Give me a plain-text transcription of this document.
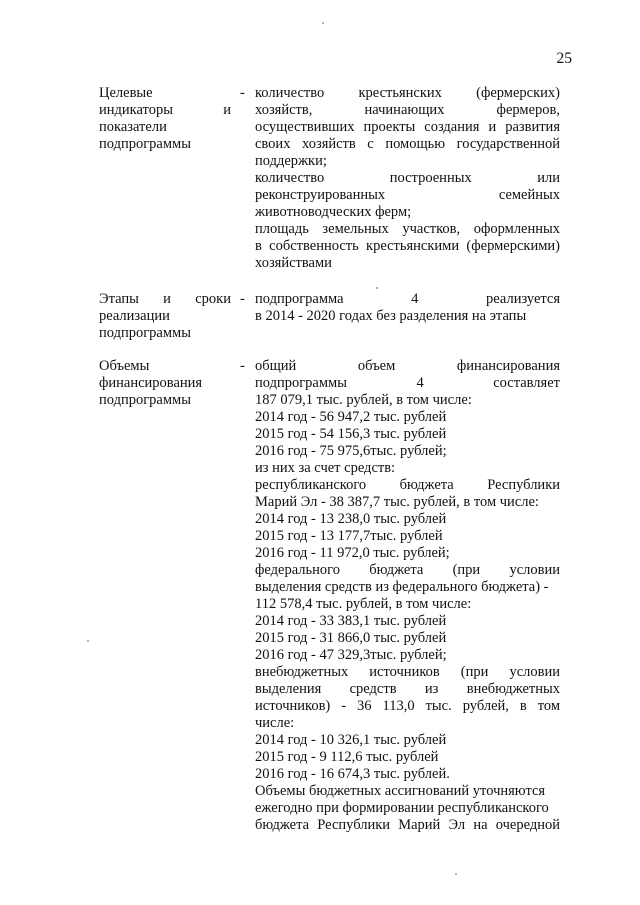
25
Целевые
индикаторы и
показатели
подпрограммы
- количество крестьянских (фермерских)
хозяйств, начинающих фермеров,
осуществивших проекты создания и развития
своих хозяйств с помощью государственной
поддержки;
количество построенных или
реконструированных семейных
животноводческих ферм;
площадь земельных участков, оформленных
в собственность крестьянскими (фермерскими)
хозяйствами
Этапы и сроки
реализации
подпрограммы
- подпрограмма 4 реализуется
в 2014 - 2020 годах без разделения на этапы
Объемы
финансирования
подпрограммы
- общий объем финансирования
подпрограммы 4 составляет
187 079,1 тыс. рублей, в том числе:
2014 год - 56 947,2 тыс. рублей
2015 год - 54 156,3 тыс. рублей
2016 год - 75 975,6тыс. рублей;
из них за счет средств:
республиканского бюджета Республики
Марий Эл - 38 387,7 тыс. рублей, в том числе:
2014 год - 13 238,0 тыс. рублей
2015 год - 13 177,7тыс. рублей
2016 год - 11 972,0 тыс. рублей;
федерального бюджета (при условии
выделения средств из федерального бюджета) -
112 578,4 тыс. рублей, в том числе:
2014 год - 33 383,1 тыс. рублей
2015 год - 31 866,0 тыс. рублей
2016 год - 47 329,3тыс. рублей;
внебюджетных источников (при условии
выделения средств из внебюджетных
источников) - 36 113,0 тыс. рублей, в том
числе:
2014 год - 10 326,1 тыс. рублей
2015 год - 9 112,6 тыс. рублей
2016 год - 16 674,3 тыс. рублей.
Объемы бюджетных ассигнований уточняются
ежегодно при формировании республиканского
бюджета Республики Марий Эл на очередной
